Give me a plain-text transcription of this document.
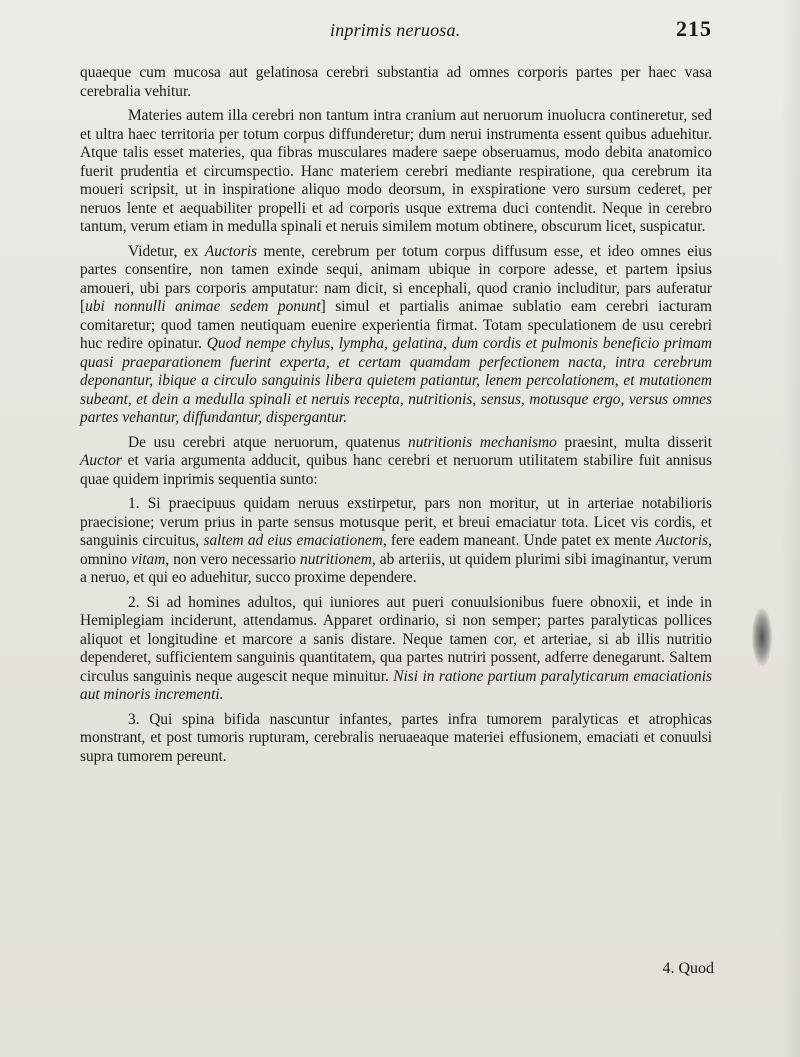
inprimis neruosa.	215

quaeque cum mucosa aut gelatinosa cerebri substantia ad omnes corporis partes per haec vasa cerebralia vehitur.

Materies autem illa cerebri non tantum intra cranium aut neruorum inuolucra contineretur, sed et ultra haec territoria per totum corpus diffunderetur; dum nerui instrumenta essent quibus aduehitur. Atque talis esset materies, qua fibras musculares madere saepe obseruamus, modo debita anatomico fuerit prudentia et circumspectio. Hanc materiem cerebri mediante respiratione, qua cerebrum ita moueri scripsit, ut in inspiratione aliquo modo deorsum, in exspiratione vero sursum cederet, per neruos lente et aequabiliter propelli et ad corporis usque extrema duci contendit. Neque in cerebro tantum, verum etiam in medulla spinali et neruis similem motum obtinere, obscurum licet, suspicatur.

Videtur, ex Auctoris mente, cerebrum per totum corpus diffusum esse, et ideo omnes eius partes consentire, non tamen exinde sequi, animam ubique in corpore adesse, et partem ipsius amoueri, ubi pars corporis amputatur: nam dicit, si encephali, quod cranio includitur, pars auferatur [ubi nonnulli animae sedem ponunt] simul et partialis animae sublatio eam cerebri iacturam comitaretur; quod tamen neutiquam euenire experientia firmat. Totam speculationem de usu cerebri huc redire opinatur. Quod nempe chylus, lympha, gelatina, dum cordis et pulmonis beneficio primam quasi praeparationem fuerint experta, et certam quamdam perfectionem nacta, intra cerebrum deponantur, ibique a circulo sanguinis libera quietem patiantur, lenem percolationem, et mutationem subeant, et dein a medulla spinali et neruis recepta, nutritionis, sensus, motusque ergo, versus omnes partes vehantur, diffundantur, dispergantur.

De usu cerebri atque neruorum, quatenus nutritionis mechanismo praesint, multa disserit Auctor et varia argumenta adducit, quibus hanc cerebri et neruorum utilitatem stabilire fuit annisus quae quidem inprimis sequentia sunto:

1. Si praecipuus quidam neruus exstirpetur, pars non moritur, ut in arteriae notabilioris praecisione; verum prius in parte sensus motusque perit, et breui emaciatur tota. Licet vis cordis, et sanguinis circuitus, saltem ad eius emaciationem, fere eadem maneant. Unde patet ex mente Auctoris, omnino vitam, non vero necessario nutritionem, ab arteriis, ut quidem plurimi sibi imaginantur, verum a neruo, et qui eo aduehitur, succo proxime dependere.

2. Si ad homines adultos, qui iuniores aut pueri conuulsionibus fuere obnoxii, et inde in Hemiplegiam inciderunt, attendamus. Apparet ordinario, si non semper; partes paralyticas pollices aliquot et longitudine et marcore a sanis distare. Neque tamen cor, et arteriae, si ab illis nutritio dependeret, sufficientem sanguinis quantitatem, qua partes nutriri possent, adferre denegarunt. Saltem circulus sanguinis neque augescit neque minuitur. Nisi in ratione partium paralyticarum emaciationis aut minoris incrementi.

3. Qui spina bifida nascuntur infantes, partes infra tumorem paralyticas et atrophicas monstrant, et post tumoris rupturam, cerebralis neruaeaque materiei effusionem, emaciati et conuulsi supra tumorem pereunt.

4. Quod
